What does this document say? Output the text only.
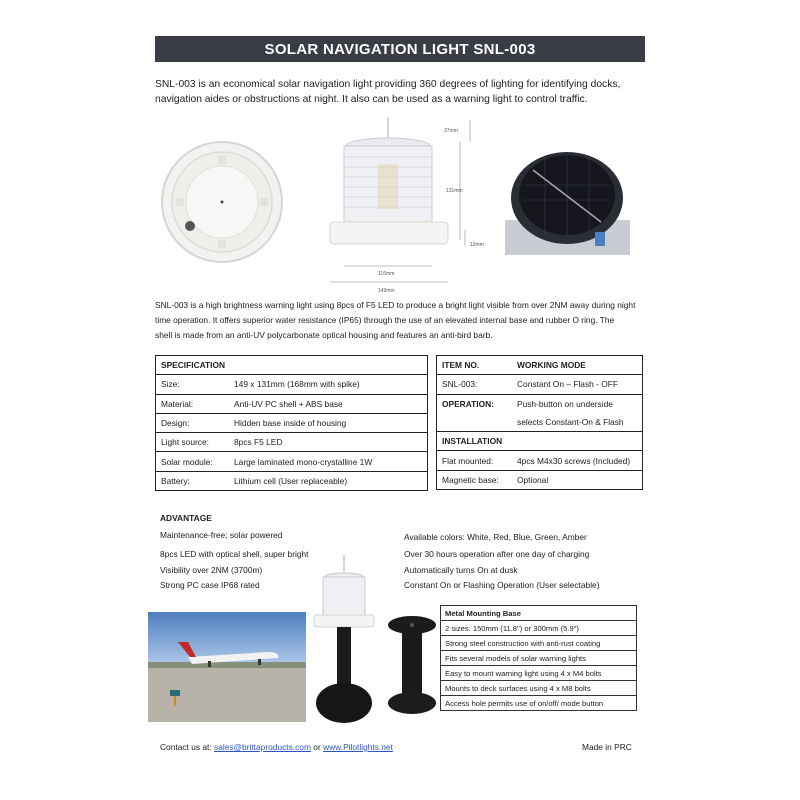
SOLAR NAVIGATION LIGHT SNL-003
SNL-003 is an economical solar navigation light providing 360 degrees of lighting for identifying docks,
navigation aides or obstructions at night. It also can be used as a warning light to control traffic.
37mm
131mm
12mm
116mm
149mm
SNL-003 is a high brightness warning light using 8pcs of F5 LED to produce a bright light visible from over 2NM away during night
time operation. It offers superior water resistance (IP65) through the use of an elevated internal base and rubber O ring. The
shell is made from an anti-UV polycarbonate optical housing and features an anti-bird barb.
SPECIFICATION	
Size:	149 x 131mm (168mm with spike)
Material:	Anti-UV PC shell + ABS base
Design:	Hidden base inside of housing
Light source:	8pcs F5 LED
Solar module:	Large laminated mono-crystalline 1W
Battery:	Lithium cell (User replaceable)
ITEM NO.	WORKING MODE
SNL-003:	Constant On – Flash - OFF
OPERATION:	Push-button on underside
	selects Constant-On & Flash
INSTALLATION	
Flat mounted:	4pcs M4x30 screws (Included)
Magnetic base:	Optional
ADVANTAGE
Maintenance-free; solar powered
8pcs LED with optical shell, super bright
Visibility over 2NM (3700m)
Strong PC case IP68 rated
Available colors: White, Red, Blue, Green, Amber
Over 30 hours operation after one day of charging
Automatically turns On at dusk
Constant On or Flashing Operation (User selectable)
Metal Mounting Base
2 sizes: 150mm (11.8") or 300mm (5.9")
Strong steel construction with anti-rust coating
Fits several models of solar warning lights
Easy to mount warning light using 4 x M4 bolts
Mounts to deck surfaces using 4 x M8 bolts
Access hole permits use of on/off/ mode button
Contact us at: sales@brittaproducts.com or www.Pilotlights.net	Made in PRC
